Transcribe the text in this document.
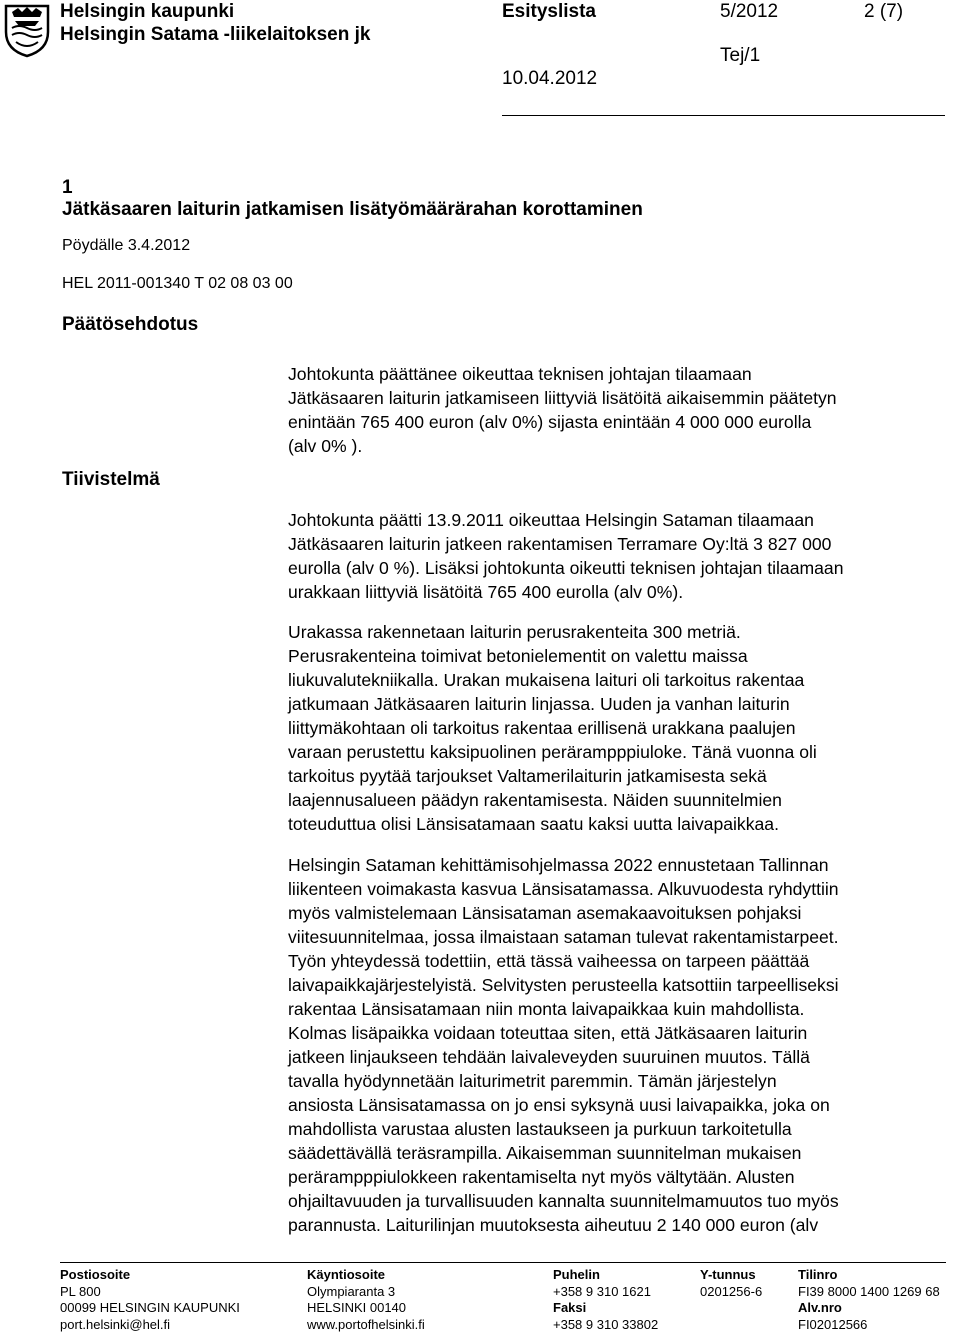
Helsingin kaupunki
Helsingin Satama -liikelaitoksen jk
Esityslista	5/2012	2 (7)
Tej/1
10.04.2012
1
Jätkäsaaren laiturin jatkamisen lisätyömäärärahan korottaminen
Pöydälle 3.4.2012
HEL 2011-001340 T 02 08 03 00
Päätösehdotus
Tiivistelmä
Johtokunta päättänee oikeuttaa teknisen johtajan tilaamaan
Jätkäsaaren laiturin jatkamiseen liittyviä lisätöitä aikaisemmin päätetyn
enintään 765 400 euron (alv 0%) sijasta enintään 4 000 000 eurolla
(alv 0% ).
Johtokunta päätti 13.9.2011 oikeuttaa Helsingin Sataman tilaamaan
Jätkäsaaren laiturin jatkeen rakentamisen Terramare Oy:ltä 3 827 000
eurolla (alv 0 %). Lisäksi johtokunta oikeutti teknisen johtajan tilaamaan
urakkaan liittyviä lisätöitä 765 400 eurolla (alv 0%).
Urakassa rakennetaan laiturin perusrakenteita 300 metriä.
Perusrakenteina toimivat betonielementit on valettu maissa
liukuvalutekniikalla. Urakan mukaisena laituri oli tarkoitus rakentaa
jatkumaan Jätkäsaaren laiturin linjassa. Uuden ja vanhan laiturin
liittymäkohtaan oli tarkoitus rakentaa erillisenä urakkana paalujen
varaan perustettu kaksipuolinen perärampppiuloke. Tänä vuonna oli
tarkoitus pyytää tarjoukset Valtamerilaiturin jatkamisesta sekä
laajennusalueen päädyn rakentamisesta. Näiden suunnitelmien
toteuduttua olisi Länsisatamaan saatu kaksi uutta laivapaikkaa.
Helsingin Sataman kehittämisohjelmassa 2022 ennustetaan Tallinnan
liikenteen voimakasta kasvua Länsisatamassa. Alkuvuodesta ryhdyttiin
myös valmistelemaan Länsisataman asemakaavoituksen pohjaksi
viitesuunnitelmaa, jossa ilmaistaan sataman tulevat rakentamistarpeet.
Työn yhteydessä todettiin, että tässä vaiheessa on tarpeen päättää
laivapaikkajärjestelyistä. Selvitysten perusteella katsottiin tarpeelliseksi
rakentaa Länsisatamaan niin monta laivapaikkaa kuin mahdollista.
Kolmas lisäpaikka voidaan toteuttaa siten, että Jätkäsaaren laiturin
jatkeen linjaukseen tehdään laivaleveyden suuruinen muutos. Tällä
tavalla hyödynnetään laiturimetrit paremmin. Tämän järjestelyn
ansiosta Länsisatamassa on jo ensi syksynä uusi laivapaikka, joka on
mahdollista varustaa alusten lastaukseen ja purkuun tarkoitetulla
säädettävällä teräsrampilla. Aikaisemman suunnitelman mukaisen
perärampppiulokkeen rakentamiselta nyt myös vältytään. Alusten
ohjailtavuuden ja turvallisuuden kannalta suunnitelmamuutos tuo myös
parannusta. Laiturilinjan muutoksesta aiheutuu 2 140 000 euron (alv
Postiosoite
PL 800
00099 HELSINGIN KAUPUNKI
port.helsinki@hel.fi
Käyntiosoite
Olympiaranta 3
HELSINKI 00140
www.portofhelsinki.fi
Puhelin
+358 9 310 1621
Faksi
+358 9 310 33802
Y-tunnus
0201256-6
Tilinro
FI39 8000 1400 1269 68
Alv.nro
FI02012566
